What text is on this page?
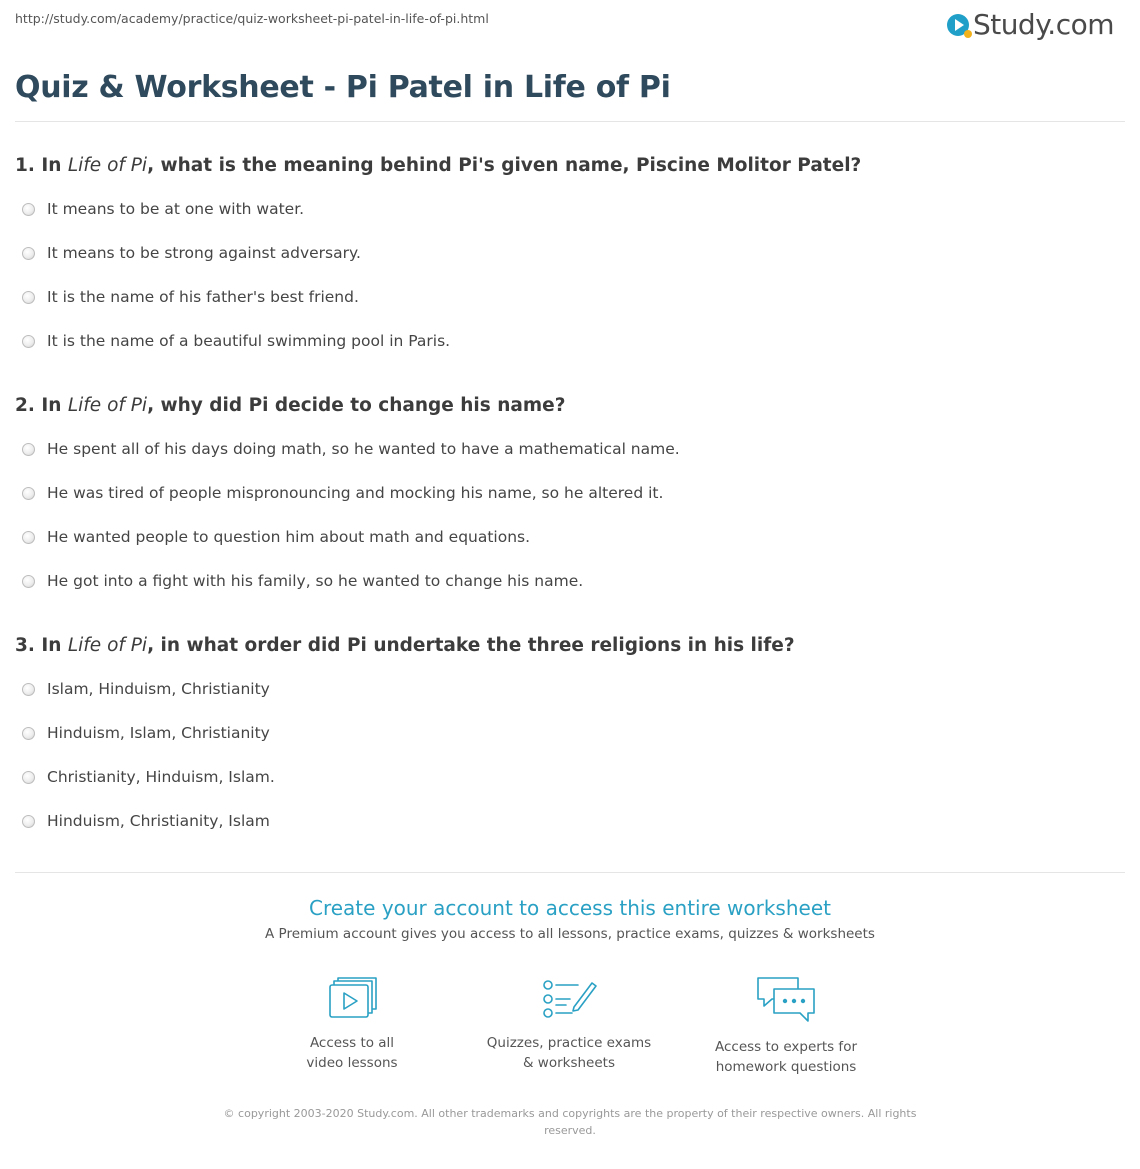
http://study.com/academy/practice/quiz-worksheet-pi-patel-in-life-of-pi.html	Study.com
Quiz & Worksheet - Pi Patel in Life of Pi
1. In Life of Pi, what is the meaning behind Pi's given name, Piscine Molitor Patel?
It means to be at one with water.
It means to be strong against adversary.
It is the name of his father's best friend.
It is the name of a beautiful swimming pool in Paris.
2. In Life of Pi, why did Pi decide to change his name?
He spent all of his days doing math, so he wanted to have a mathematical name.
He was tired of people mispronouncing and mocking his name, so he altered it.
He wanted people to question him about math and equations.
He got into a fight with his family, so he wanted to change his name.
3. In Life of Pi, in what order did Pi undertake the three religions in his life?
Islam, Hinduism, Christianity
Hinduism, Islam, Christianity
Christianity, Hinduism, Islam.
Hinduism, Christianity, Islam
Create your account to access this entire worksheet
A Premium account gives you access to all lessons, practice exams, quizzes & worksheets
Access to all
video lessons
Quizzes, practice exams
& worksheets
Access to experts for
homework questions
© copyright 2003-2020 Study.com. All other trademarks and copyrights are the property of their respective owners. All rights
reserved.
